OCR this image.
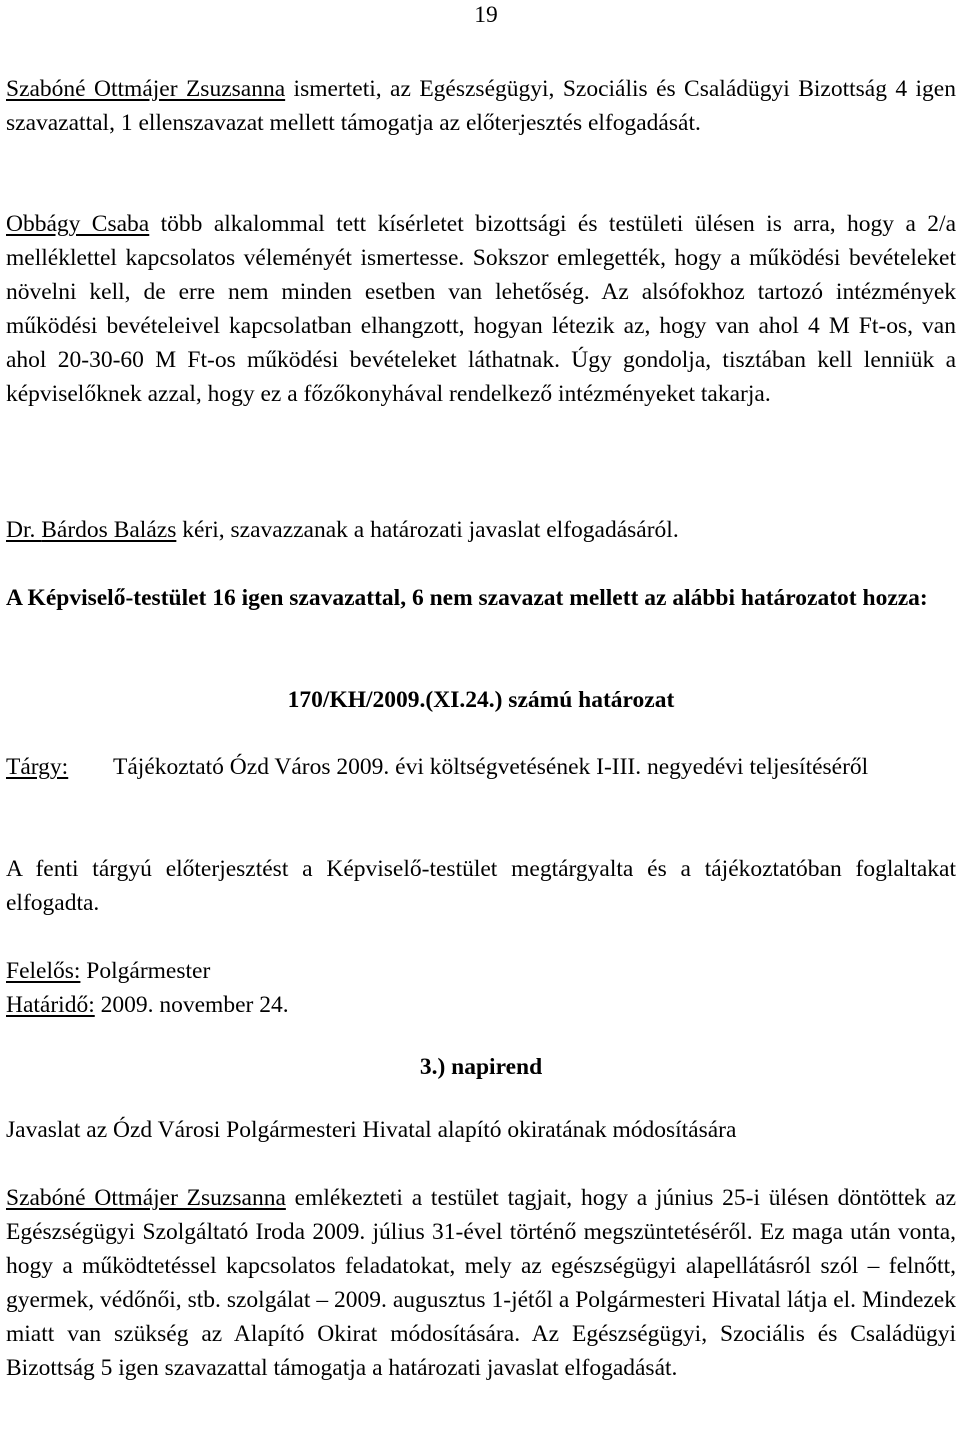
19

Szabóné Ottmájer Zsuzsanna ismerteti, az Egészségügyi, Szociális és Családügyi Bizottság 4 igen szavazattal, 1 ellenszavazat mellett támogatja az előterjesztés elfogadását.

Obbágy Csaba több alkalommal tett kísérletet bizottsági és testületi ülésen is arra, hogy a 2/a melléklettel kapcsolatos véleményét ismertesse. Sokszor emlegették, hogy a működési bevételeket növelni kell, de erre nem minden esetben van lehetőség. Az alsófokhoz tartozó intézmények működési bevételeivel kapcsolatban elhangzott, hogyan létezik az, hogy van ahol 4 M Ft-os, van ahol 20-30-60 M Ft-os működési bevételeket láthatnak. Úgy gondolja, tisztában kell lenniük a képviselőknek azzal, hogy ez a főzőkonyhával rendelkező intézményeket takarja.

Dr. Bárdos Balázs kéri, szavazzanak a határozati javaslat elfogadásáról.

A Képviselő-testület 16 igen szavazattal, 6 nem szavazat mellett az alábbi határozatot hozza:

170/KH/2009.(XI.24.) számú határozat

Tárgy: Tájékoztató Ózd Város 2009. évi költségvetésének I-III. negyedévi teljesítéséről

A fenti tárgyú előterjesztést a Képviselő-testület megtárgyalta és a tájékoztatóban foglaltakat elfogadta.

Felelős: Polgármester

Határidő: 2009. november 24.

3.) napirend

Javaslat az Ózd Városi Polgármesteri Hivatal alapító okiratának módosítására

Szabóné Ottmájer Zsuzsanna emlékezteti a testület tagjait, hogy a június 25-i ülésen döntöttek az Egészségügyi Szolgáltató Iroda 2009. július 31-ével történő megszüntetéséről. Ez maga után vonta, hogy a működtetéssel kapcsolatos feladatokat, mely az egészségügyi alapellátásról szól – felnőtt, gyermek, védőnői, stb. szolgálat – 2009. augusztus 1-jétől a Polgármesteri Hivatal látja el. Mindezek miatt van szükség az Alapító Okirat módosítására. Az Egészségügyi, Szociális és Családügyi Bizottság 5 igen szavazattal támogatja a határozati javaslat elfogadását.
